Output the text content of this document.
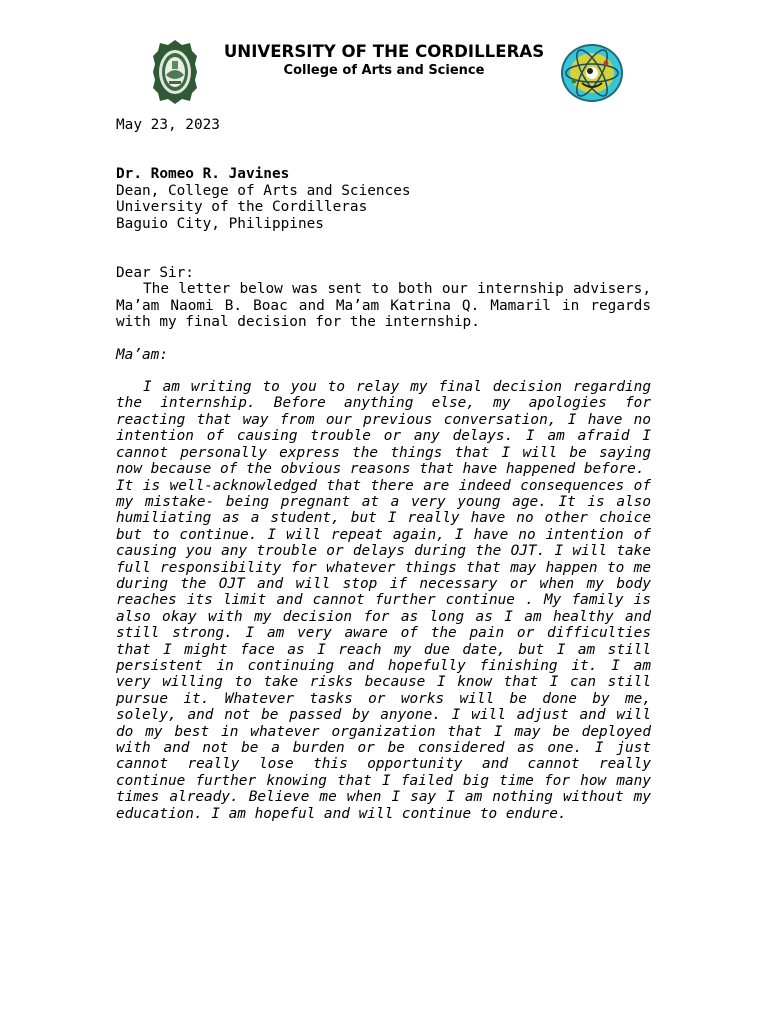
UNIVERSITY OF THE CORDILLERAS
College of Arts and Science
May 23, 2023
Dr. Romeo R. Javines
Dean, College of Arts and Sciences
University of the Cordilleras
Baguio City, Philippines
Dear Sir:

The letter below was sent to both our internship advisers, Ma’am Naomi B. Boac and Ma’am Katrina Q. Mamaril in regards with my final decision for the internship.

Ma’am:

I am writing to you to relay my final decision regarding the internship. Before anything else, my apologies for reacting that way from our previous conversation, I have no intention of causing trouble or any delays. I am afraid I cannot personally express the things that I will be saying now because of the obvious reasons that have happened before.

It is well-acknowledged that there are indeed consequences of my mistake- being pregnant at a very young age. It is also humiliating as a student, but I really have no other choice but to continue. I will repeat again, I have no intention of causing you any trouble or delays during the OJT. I will take full responsibility for whatever things that may happen to me during the OJT and will stop if necessary or when my body reaches its limit and cannot further continue . My family is also okay with my decision for as long as I am healthy and still strong. I am very aware of the pain or difficulties that I might face as I reach my due date, but I am still persistent in continuing and hopefully finishing it. I am very willing to take risks because I know that I can still pursue it. Whatever tasks or works will be done by me, solely, and not be passed by anyone. I will adjust and will do my best in whatever organization that I may be deployed with and not be a burden or be considered as one. I just cannot really lose this opportunity and cannot really continue further knowing that I failed big time for how many times already. Believe me when I say I am nothing without my education. I am hopeful and will continue to endure.
